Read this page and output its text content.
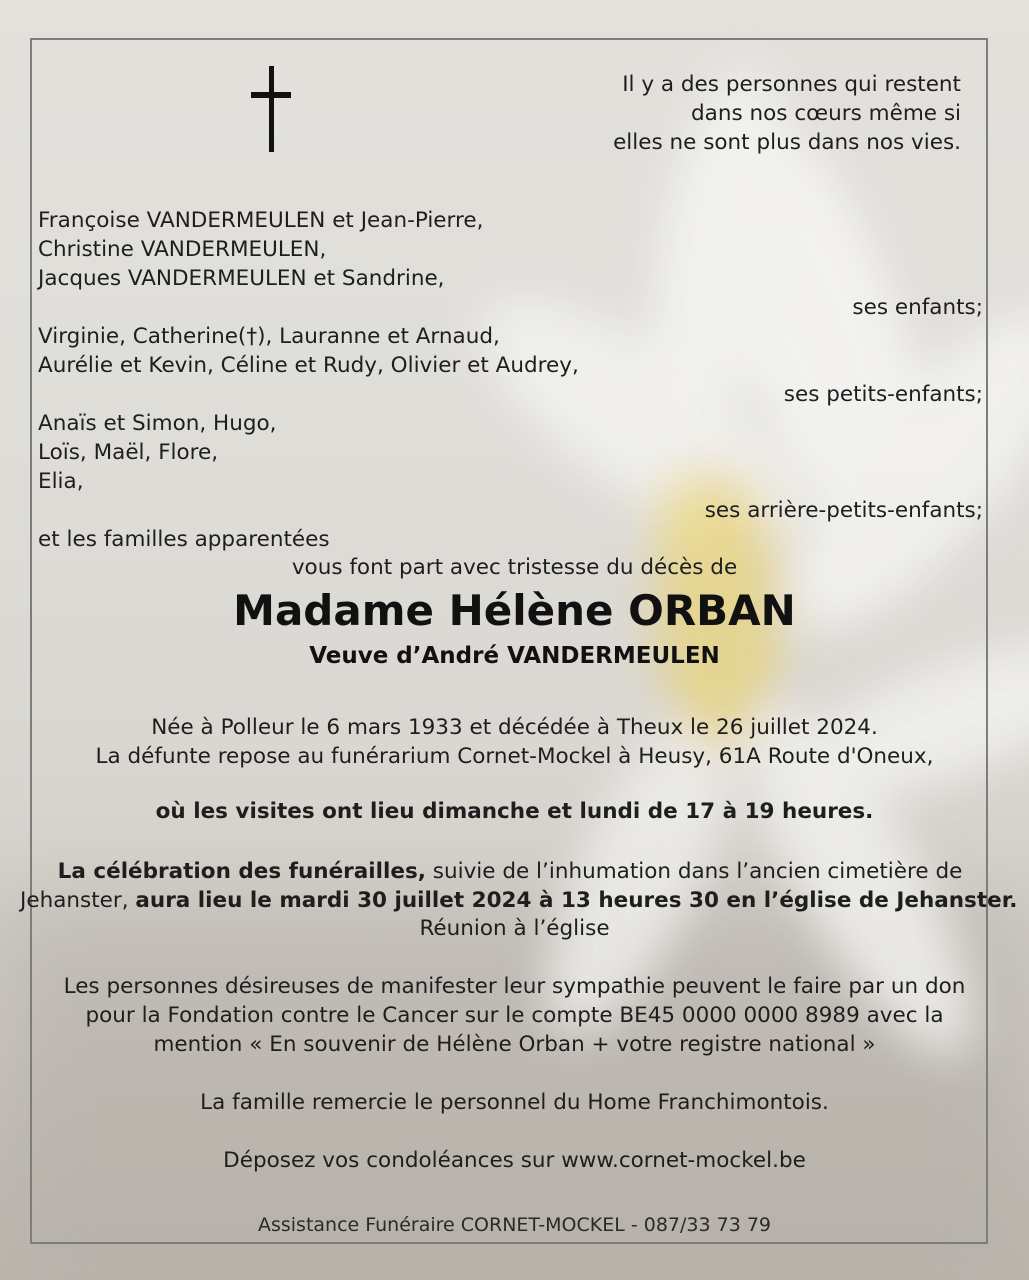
Il y a des personnes qui restent
dans nos cœurs même si
elles ne sont plus dans nos vies.
Françoise VANDERMEULEN et Jean-Pierre,
Christine VANDERMEULEN,
Jacques VANDERMEULEN et Sandrine,
ses enfants;
Virginie, Catherine(†), Lauranne et Arnaud,
Aurélie et Kevin, Céline et Rudy, Olivier et Audrey,
ses petits-enfants;
Anaïs et Simon, Hugo,
Loïs, Maël, Flore,
Elia,
ses arrière-petits-enfants;
et les familles apparentées
vous font part avec tristesse du décès de
Madame Hélène ORBAN
Veuve d’André VANDERMEULEN
Née à Polleur le 6 mars 1933 et décédée à Theux le 26 juillet 2024.
La défunte repose au funérarium Cornet-Mockel à Heusy, 61A Route d'Oneux,
où les visites ont lieu dimanche et lundi de 17 à 19 heures.
La célébration des funérailles, suivie de l’inhumation dans l’ancien cimetière de
Jehanster, aura lieu le mardi 30 juillet 2024 à 13 heures 30 en l’église de Jehanster.
Réunion à l’église
Les personnes désireuses de manifester leur sympathie peuvent le faire par un don
pour la Fondation contre le Cancer sur le compte BE45 0000 0000 8989 avec la
mention « En souvenir de Hélène Orban + votre registre national »
La famille remercie le personnel du Home Franchimontois.
Déposez vos condoléances sur www.cornet-mockel.be
Assistance Funéraire CORNET-MOCKEL - 087/33 73 79
